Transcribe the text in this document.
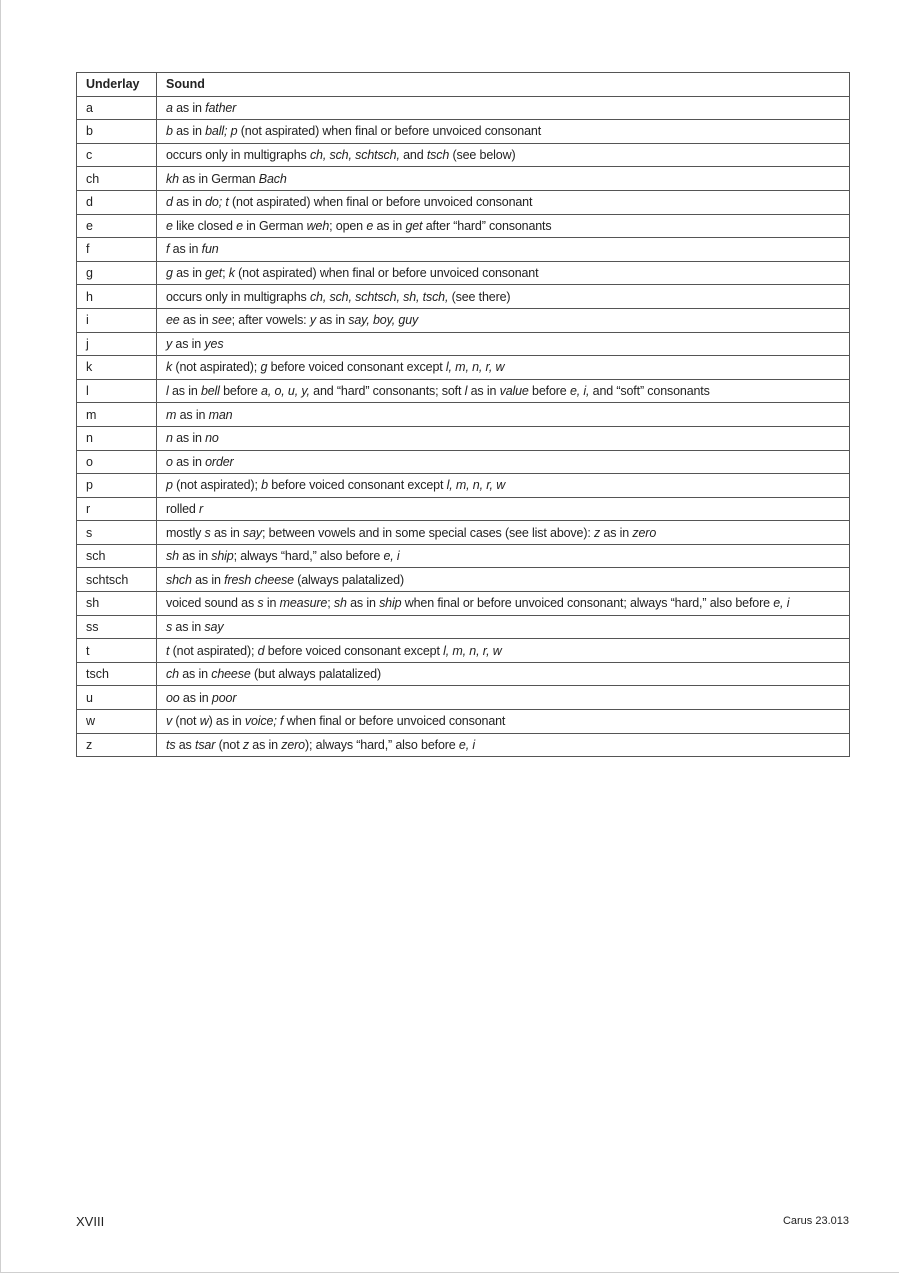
Underlay	Sound
a	a as in father
b	b as in ball; p (not aspirated) when final or before unvoiced consonant
c	occurs only in multigraphs ch, sch, schtsch, and tsch (see below)
ch	kh as in German Bach
d	d as in do; t (not aspirated) when final or before unvoiced consonant
e	e like closed e in German weh; open e as in get after “hard” consonants
f	f as in fun
g	g as in get; k (not aspirated) when final or before unvoiced consonant
h	occurs only in multigraphs ch, sch, schtsch, sh, tsch, (see there)
i	ee as in see; after vowels: y as in say, boy, guy
j	y as in yes
k	k (not aspirated); g before voiced consonant except l, m, n, r, w
l	l as in bell before a, o, u, y, and “hard” consonants; soft l as in value before e, i, and “soft” consonants
m	m as in man
n	n as in no
o	o as in order
p	p (not aspirated); b before voiced consonant except l, m, n, r, w
r	rolled r
s	mostly s as in say; between vowels and in some special cases (see list above): z as in zero
sch	sh as in ship; always “hard,” also before e, i
schtsch	shch as in fresh cheese (always palatalized)
sh	voiced sound as s in measure; sh as in ship when final or before unvoiced consonant; always “hard,” also before e, i
ss	s as in say
t	t (not aspirated); d before voiced consonant except l, m, n, r, w
tsch	ch as in cheese (but always palatalized)
u	oo as in poor
w	v (not w) as in voice; f when final or before unvoiced consonant
z	ts as tsar (not z as in zero); always “hard,” also before e, i
XVIII	Carus 23.013
